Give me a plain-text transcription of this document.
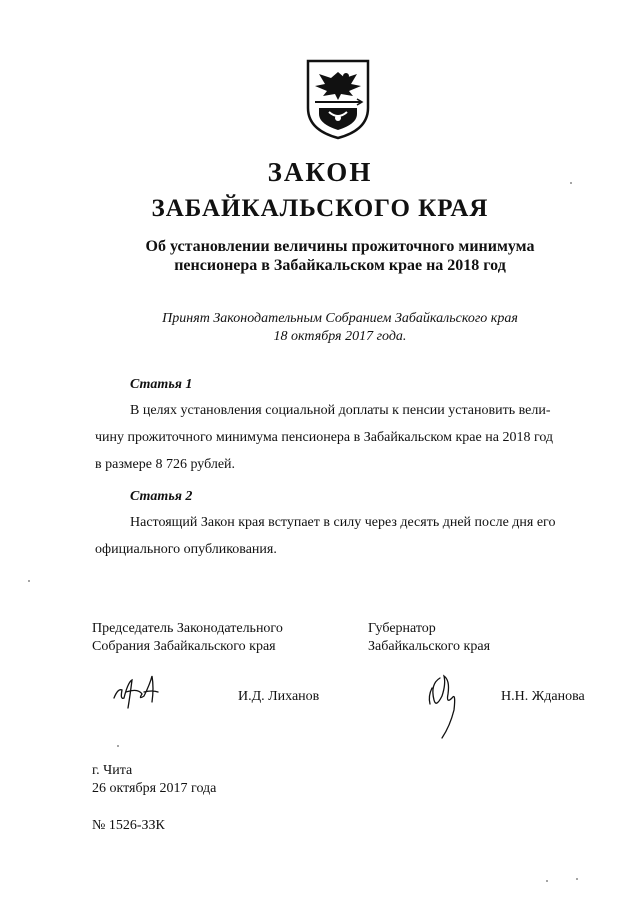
ЗАКОН
ЗАБАЙКАЛЬСКОГО КРАЯ
Об установлении величины прожиточного минимума
пенсионера в Забайкальском крае на 2018 год
Принят Законодательным Собранием Забайкальского края
18 октября 2017 года.
Статья 1

В целях установления социальной доплаты к пенсии установить вели-

чину прожиточного минимума пенсионера в Забайкальском крае на 2018 год

в размере 8 726 рублей.

Статья 2

Настоящий Закон края вступает в силу через десять дней после дня его

официального опубликования.

Председатель Законодательного
Собрания Забайкальского края
Губернатор
Забайкальского края
И.Д. Лиханов	Н.Н. Жданова
г. Чита
26 октября 2017 года
№ 1526-ЗЗК
